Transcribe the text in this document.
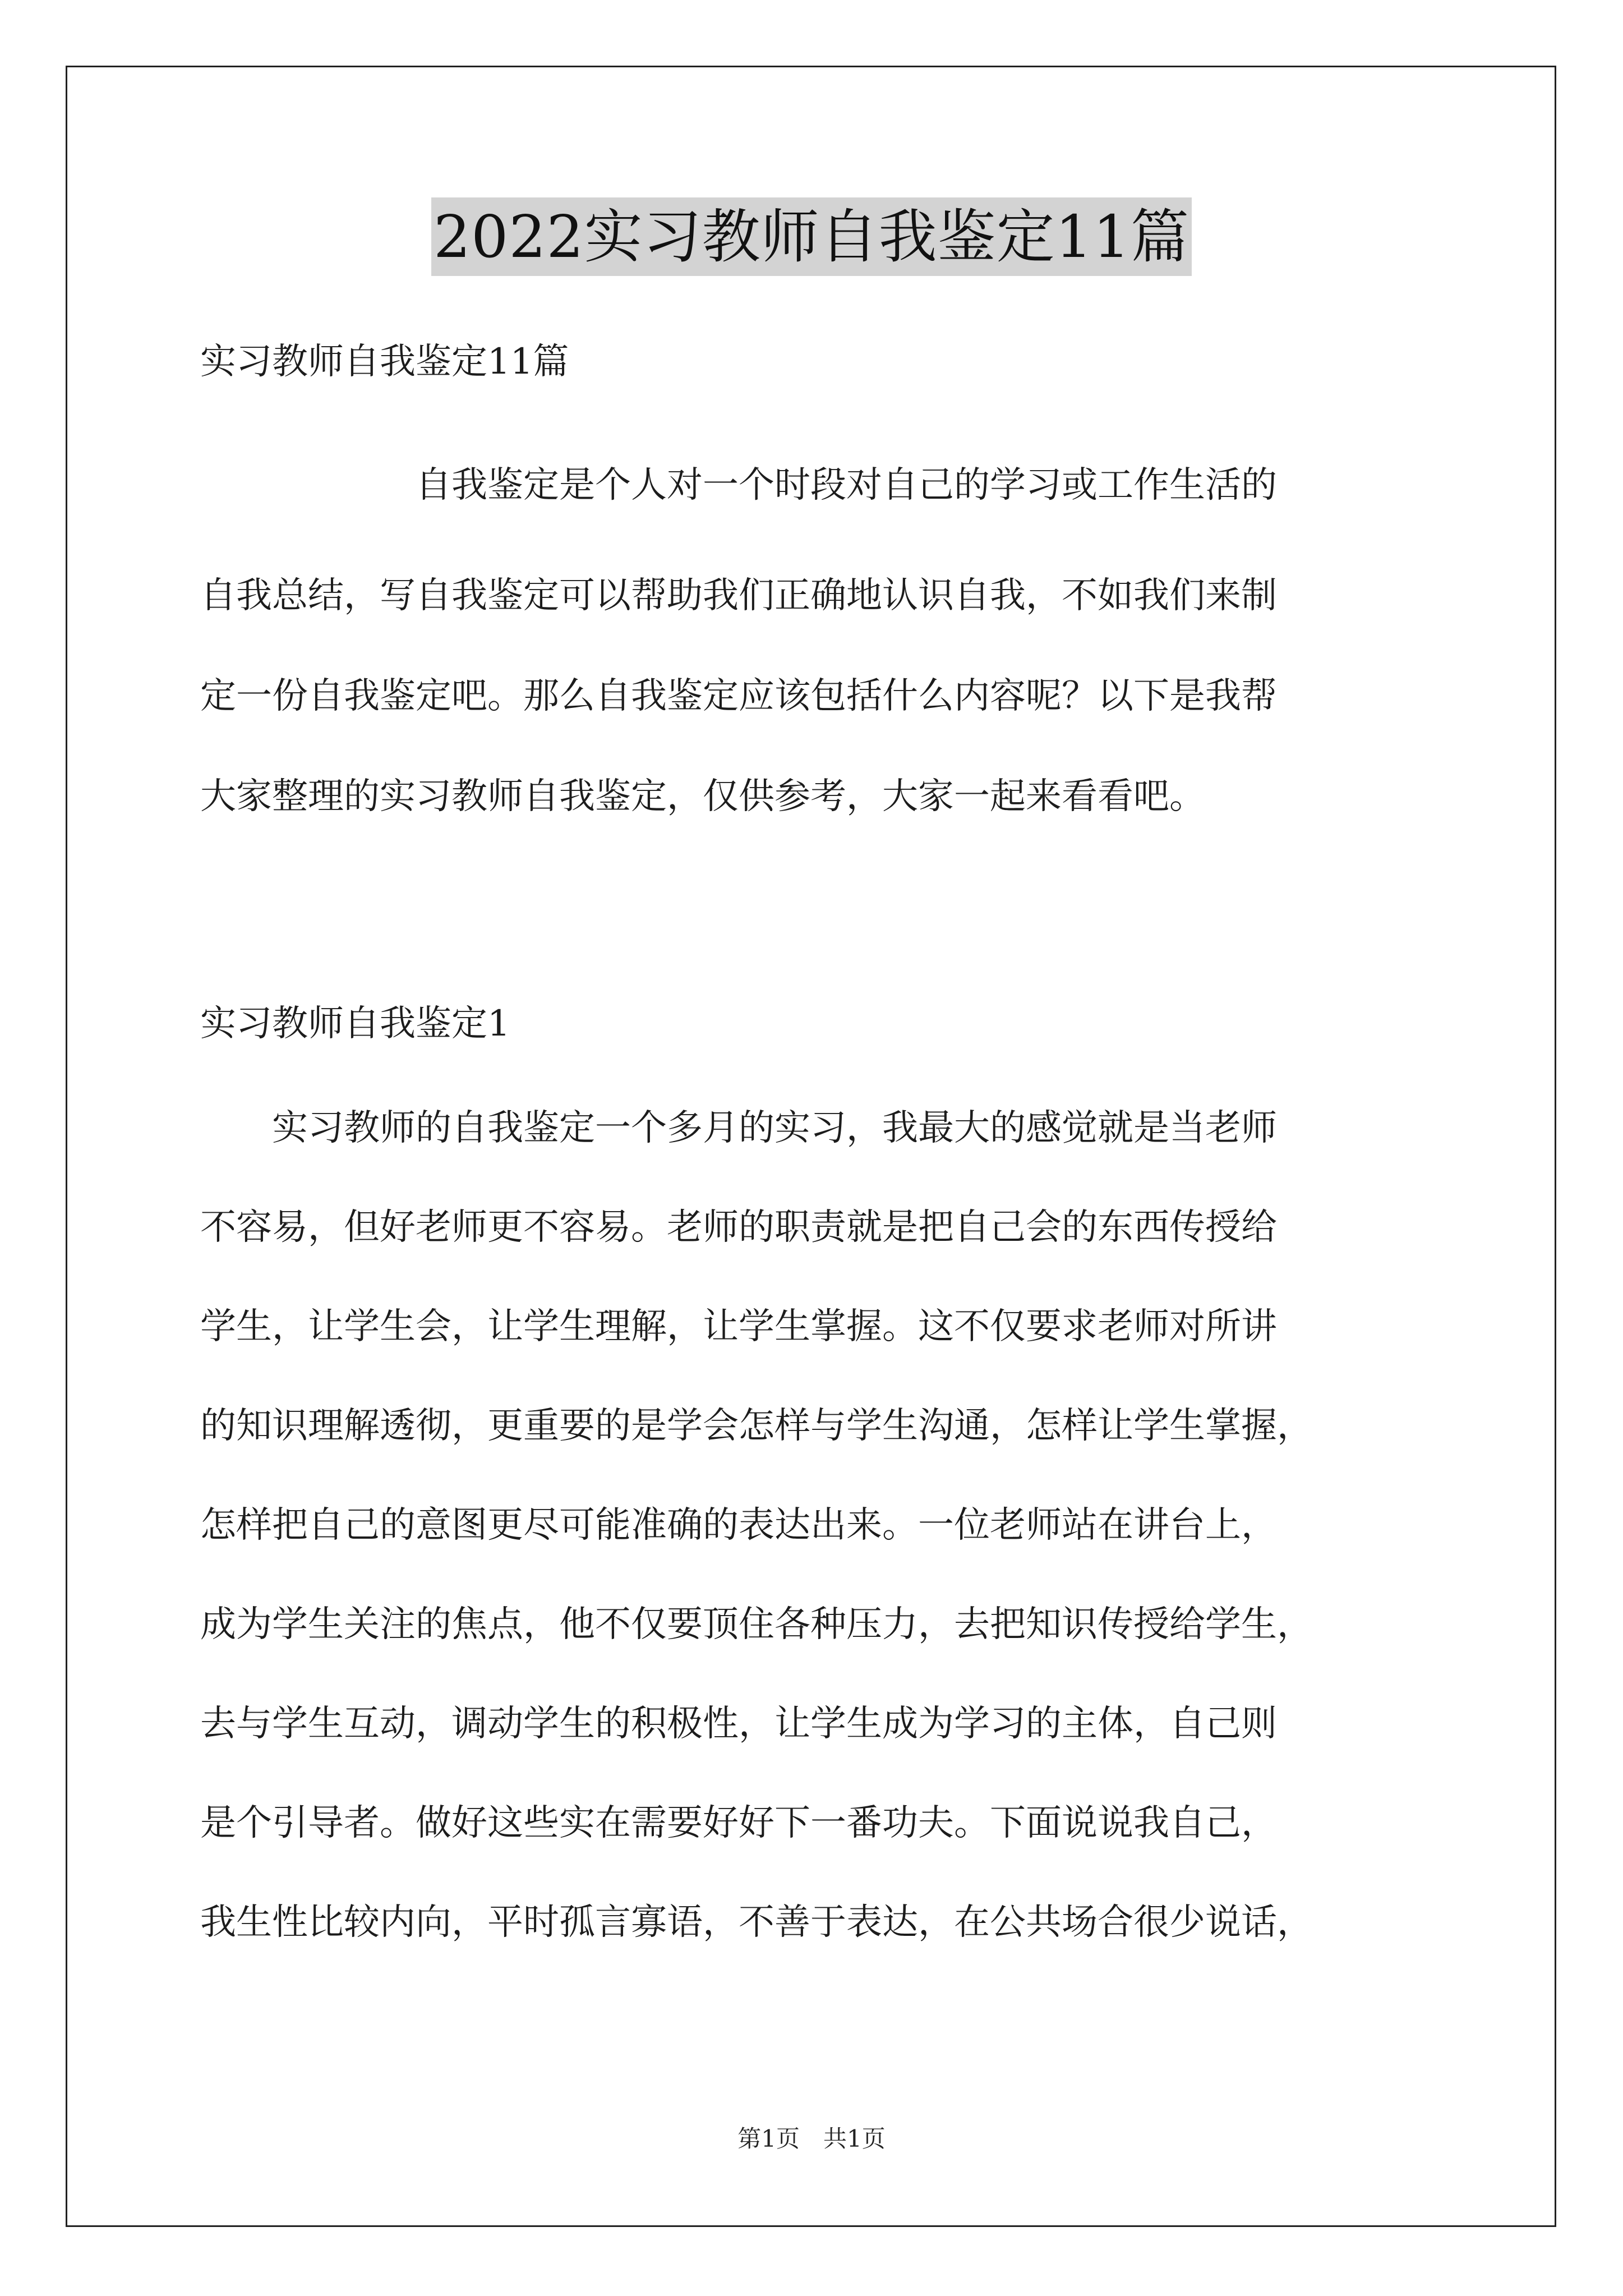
2022实习教师自我鉴定11篇
实习教师自我鉴定11篇
　　　　　　自我鉴定是个人对一个时段对自己的学习或工作生活的
自我总结，写自我鉴定可以帮助我们正确地认识自我，不如我们来制
定一份自我鉴定吧。那么自我鉴定应该包括什么内容呢？以下是我帮
大家整理的实习教师自我鉴定，仅供参考，大家一起来看看吧。
实习教师自我鉴定1
　　实习教师的自我鉴定一个多月的实习，我最大的感觉就是当老师
不容易，但好老师更不容易。老师的职责就是把自己会的东西传授给
学生，让学生会，让学生理解，让学生掌握。这不仅要求老师对所讲
的知识理解透彻，更重要的是学会怎样与学生沟通，怎样让学生掌握，
怎样把自己的意图更尽可能准确的表达出来。一位老师站在讲台上，
成为学生关注的焦点，他不仅要顶住各种压力，去把知识传授给学生，
去与学生互动，调动学生的积极性，让学生成为学习的主体，自己则
是个引导者。做好这些实在需要好好下一番功夫。下面说说我自己，
我生性比较内向，平时孤言寡语，不善于表达，在公共场合很少说话，
第1页　共1页
